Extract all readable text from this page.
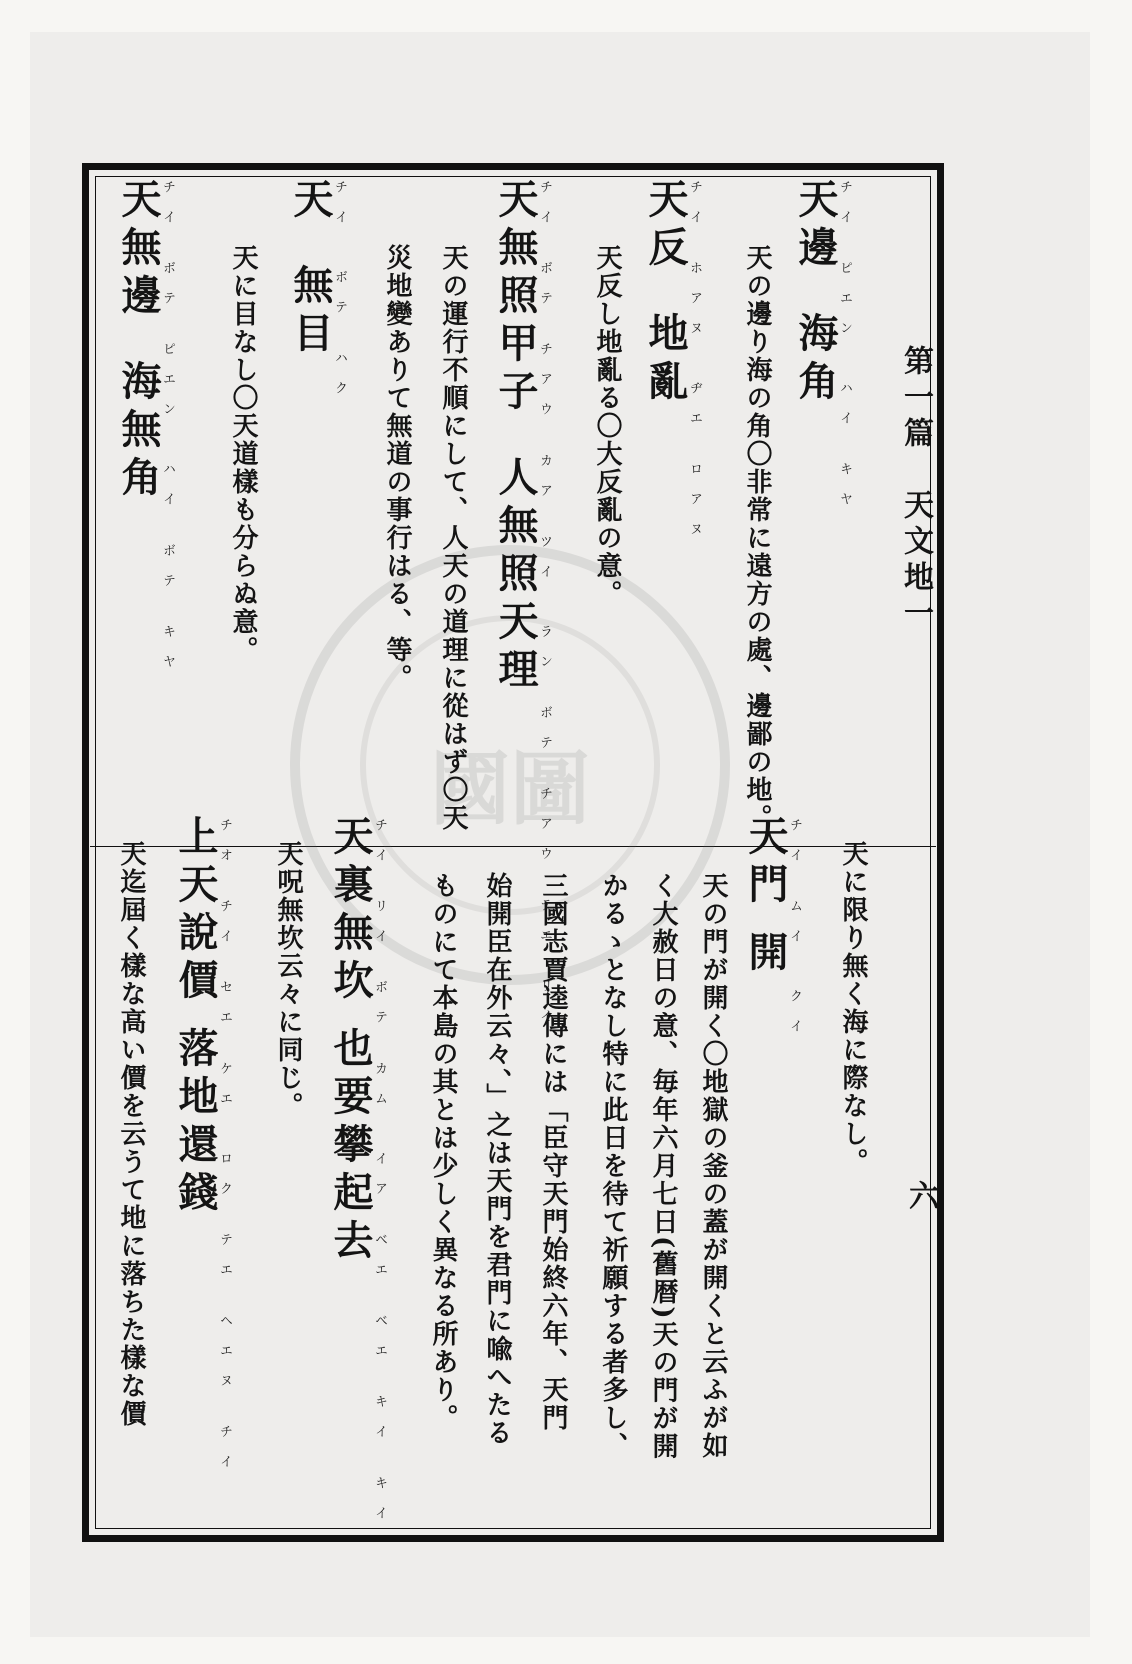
第一篇　天文地一
六
國圖
天邊海角
チイ ピエン　ハイ キヤ
天の邊り海の角〇非常に遠方の處、邊鄙の地。
天反地亂
チイ ホアヌ　ヂエ ロアヌ
天反し地亂る〇大反亂の意。
天無照甲子人無照天理
チイ ボテ チアウ カア ツイ　ラン ボテ チアウ テエ リイ
天の運行不順にして、人天の道理に從はず〇天
災地變ありて無道の事行はる、等。
天無目
チイ　ボテ ハク
天に目なし〇天道樣も分らぬ意。
天無邊海無角
チイ ボテ ピエン　ハイ ボテ キヤ
天に限り無く海に際なし。
天門開
チイ ムイ　クイ
天の門が開く〇地獄の釜の蓋が開くと云ふが如
く大赦日の意、毎年六月七日(舊暦)天の門が開
かるゝとなし特に此日を待て祈願する者多し、
三國志賈逵傳には「臣守天門始終六年、天門
始開臣在外云々、」之は天門を君門に喩へたる
ものにて本島の其とは少しく異なる所あり。
天裏無坎也要攀起去
チイ リイ ボテ カム　イア ベエ ベエ キイ キイ
天呪無坎云々に同じ。
上天說價落地還錢
チオ チイ セエ ケエ　ロク テエ ヘエヌ チイ
天迄屆く樣な高い價を云うて地に落ちた樣な價
